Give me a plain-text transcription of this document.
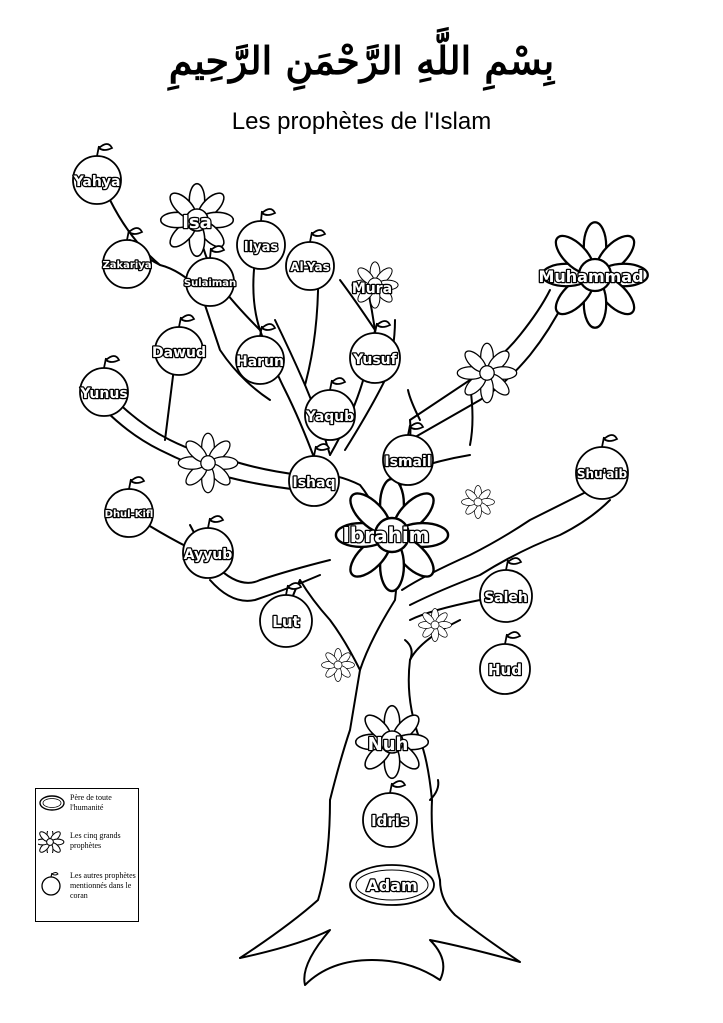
بِسْمِ اللَّهِ الرَّحْمَنِ الرَّحِيمِ
Les prophètes de l'Islam
Yahya
Isa
Ilyas
Zakariya
Sulaiman
Al-Yas
Mura
Muhammad
Dawud
Harun	Yusuf
Yunus
Yaqub
Ismail
Ishaq
Shu'aib
Dhul-Kifl
Ibrahim
Ayyub
Saleh
Lut
Hud
Nuh
Idris
Adam
Père de toute l'humanité
Les cinq grands prophètes
Les autres prophètes mentionnés dans le coran
